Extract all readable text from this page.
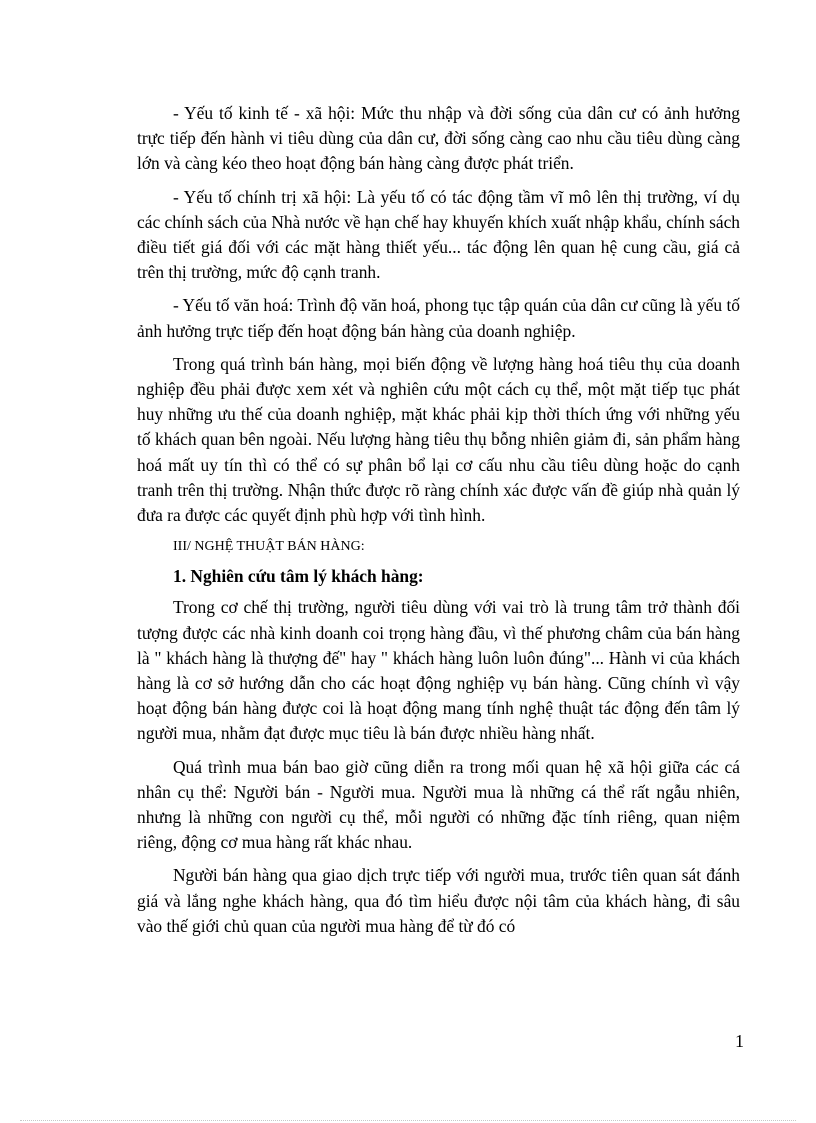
- Yếu tố kinh tế - xã hội: Mức thu nhập và đời sống của dân cư có ảnh hưởng trực tiếp đến hành vi tiêu dùng của dân cư, đời sống càng cao nhu cầu tiêu dùng càng lớn và càng kéo theo hoạt động bán hàng càng được phát triển.

- Yếu tố chính trị xã hội: Là yếu tố có tác động tầm vĩ mô lên thị trường, ví dụ các chính sách của Nhà nước về hạn chế hay khuyến khích xuất nhập khẩu, chính sách điều tiết giá đối với các mặt hàng thiết yếu... tác động lên quan hệ cung cầu, giá cả trên thị trường, mức độ cạnh tranh.

- Yếu tố văn hoá: Trình độ văn hoá, phong tục tập quán của dân cư cũng là yếu tố ảnh hưởng trực tiếp đến hoạt động bán hàng của doanh nghiệp.

Trong quá trình bán hàng, mọi biến động về lượng hàng hoá tiêu thụ của doanh nghiệp đều phải được xem xét và nghiên cứu một cách cụ thể, một mặt tiếp tục phát huy những ưu thế của doanh nghiệp, mặt khác phải kịp thời thích ứng với những yếu tố khách quan bên ngoài. Nếu lượng hàng tiêu thụ bỗng nhiên giảm đi, sản phẩm hàng hoá mất uy tín thì có thể có sự phân bổ lại cơ cấu nhu cầu tiêu dùng hoặc do cạnh tranh trên thị trường. Nhận thức được rõ ràng chính xác được vấn đề giúp nhà quản lý đưa ra được các quyết định phù hợp với tình hình.

III/ NGHỆ THUẬT BÁN HÀNG:

1. Nghiên cứu tâm lý khách hàng:

Trong cơ chế thị trường, người tiêu dùng với vai trò là trung tâm trở thành đối tượng được các nhà kinh doanh coi trọng hàng đầu, vì thế phương châm của bán hàng là " khách hàng là thượng đế" hay " khách hàng luôn luôn đúng"... Hành vi của khách hàng là cơ sở hướng dẫn cho các hoạt động nghiệp vụ bán hàng. Cũng chính vì vậy hoạt động bán hàng được coi là hoạt động mang tính nghệ thuật tác động đến tâm lý người mua, nhằm đạt được mục tiêu là bán được nhiều hàng nhất.

Quá trình mua bán bao giờ cũng diễn ra trong mối quan hệ xã hội giữa các cá nhân cụ thể: Người bán - Người mua. Người mua là những cá thể rất ngẫu nhiên, nhưng là những con người cụ thể, mỗi người có những đặc tính riêng, quan niệm riêng, động cơ mua hàng rất khác nhau.

Người bán hàng qua giao dịch trực tiếp với người mua, trước tiên quan sát đánh giá và lắng nghe khách hàng, qua đó tìm hiểu được nội tâm của khách hàng, đi sâu vào thế giới chủ quan của người mua hàng để từ đó có

1
